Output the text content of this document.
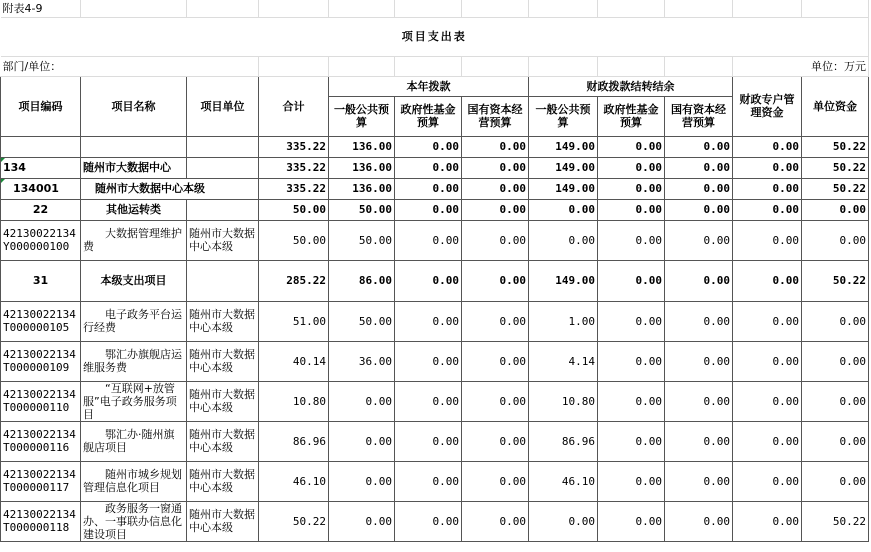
附表4-9											
项目支出表											
部门/单位：										单位：万元	
项目编码	项目名称	项目单位	合计	本年拨款			财政拨款结转结余			财政专户管理资金	单位资金
				一般公共预算	政府性基金预算	国有资本经营预算	一般公共预算	政府性基金预算	国有资本经营预算		
			335.22	136.00	0.00	0.00	149.00	0.00	0.00	0.00	50.22
134	随州市大数据中心		335.22	136.00	0.00	0.00	149.00	0.00	0.00	0.00	50.22
134001	随州市大数据中心本级		335.22	136.00	0.00	0.00	149.00	0.00	0.00	0.00	50.22
22	其他运转类		50.00	50.00	0.00	0.00	0.00	0.00	0.00	0.00	0.00
42130022134Y000000100	大数据管理维护费	随州市大数据中心本级	50.00	50.00	0.00	0.00	0.00	0.00	0.00	0.00	0.00
31	本级支出项目		285.22	86.00	0.00	0.00	149.00	0.00	0.00	0.00	50.22
42130022134T000000105	电子政务平台运行经费	随州市大数据中心本级	51.00	50.00	0.00	0.00	1.00	0.00	0.00	0.00	0.00
42130022134T000000109	鄂汇办旗舰店运维服务费	随州市大数据中心本级	40.14	36.00	0.00	0.00	4.14	0.00	0.00	0.00	0.00
42130022134T000000110	“互联网+放管服”电子政务服务项目	随州市大数据中心本级	10.80	0.00	0.00	0.00	10.80	0.00	0.00	0.00	0.00
42130022134T000000116	鄂汇办·随州旗舰店项目	随州市大数据中心本级	86.96	0.00	0.00	0.00	86.96	0.00	0.00	0.00	0.00
42130022134T000000117	随州市城乡规划管理信息化项目	随州市大数据中心本级	46.10	0.00	0.00	0.00	46.10	0.00	0.00	0.00	0.00
42130022134T000000118	政务服务一窗通办、一事联办信息化建设项目	随州市大数据中心本级	50.22	0.00	0.00	0.00	0.00	0.00	0.00	0.00	50.22
